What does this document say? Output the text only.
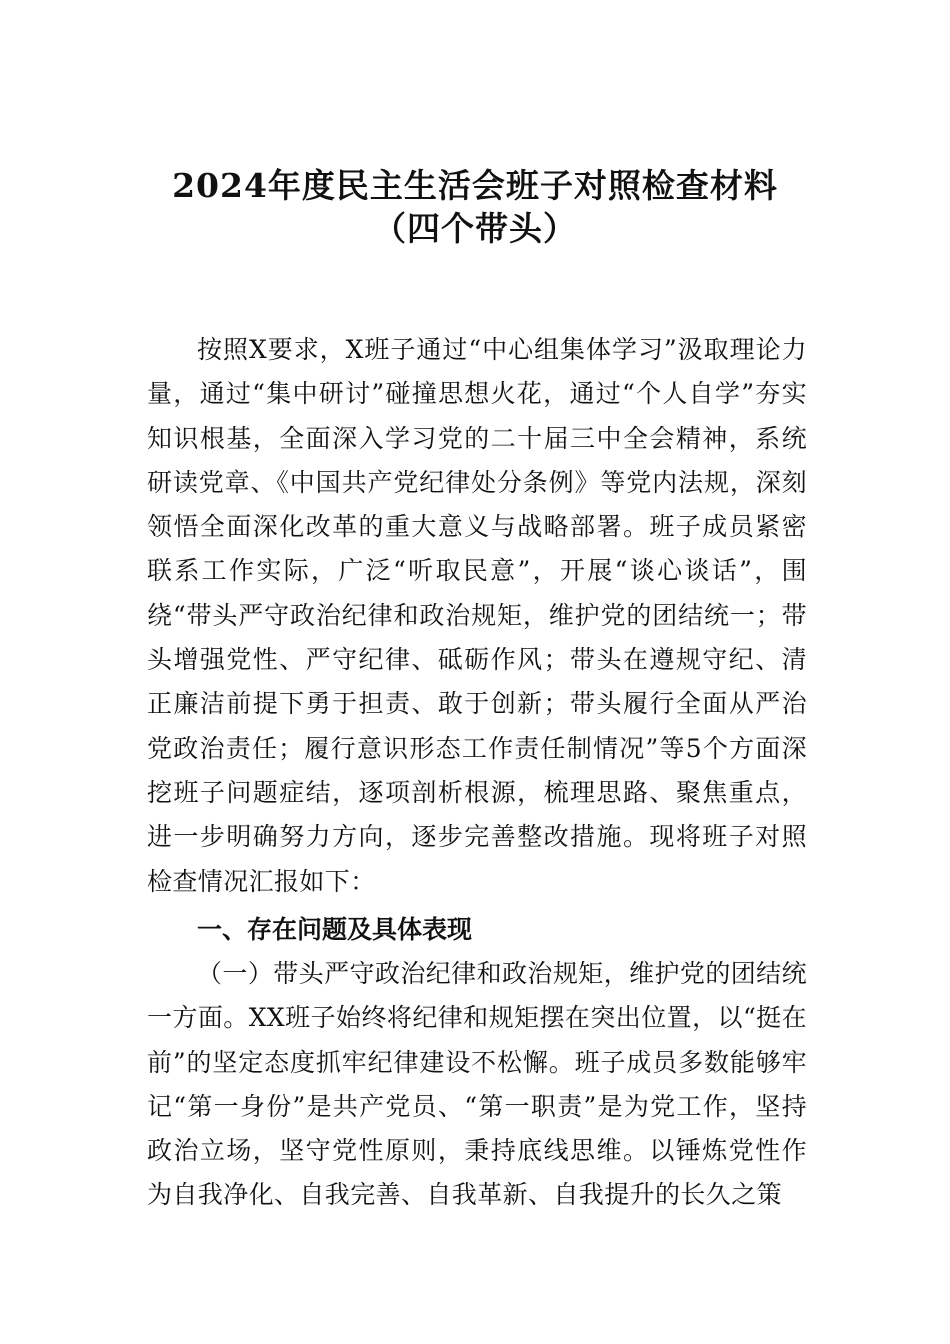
2024年度民主生活会班子对照检查材料
（四个带头）
按照X要求，X班子通过“中心组集体学习”汲取理论力量，通过“集中研讨”碰撞思想火花，通过“个人自学”夯实知识根基，全面深入学习党的二十届三中全会精神，系统研读党章、《中国共产党纪律处分条例》等党内法规，深刻领悟全面深化改革的重大意义与战略部署。班子成员紧密联系工作实际，广泛“听取民意”，开展“谈心谈话”，围绕“带头严守政治纪律和政治规矩，维护党的团结统一；带头增强党性、严守纪律、砥砺作风；带头在遵规守纪、清正廉洁前提下勇于担责、敢于创新；带头履行全面从严治党政治责任；履行意识形态工作责任制情况”等5个方面深挖班子问题症结，逐项剖析根源，梳理思路、聚焦重点，进一步明确努力方向，逐步完善整改措施。现将班子对照检查情况汇报如下：
一、存在问题及具体表现
（一）带头严守政治纪律和政治规矩，维护党的团结统一方面。XX班子始终将纪律和规矩摆在突出位置，以“挺在前”的坚定态度抓牢纪律建设不松懈。班子成员多数能够牢记“第一身份”是共产党员、“第一职责”是为党工作，坚持政治立场，坚守党性原则，秉持底线思维。以锤炼党性作为自我净化、自我完善、自我革新、自我提升的长久之策
